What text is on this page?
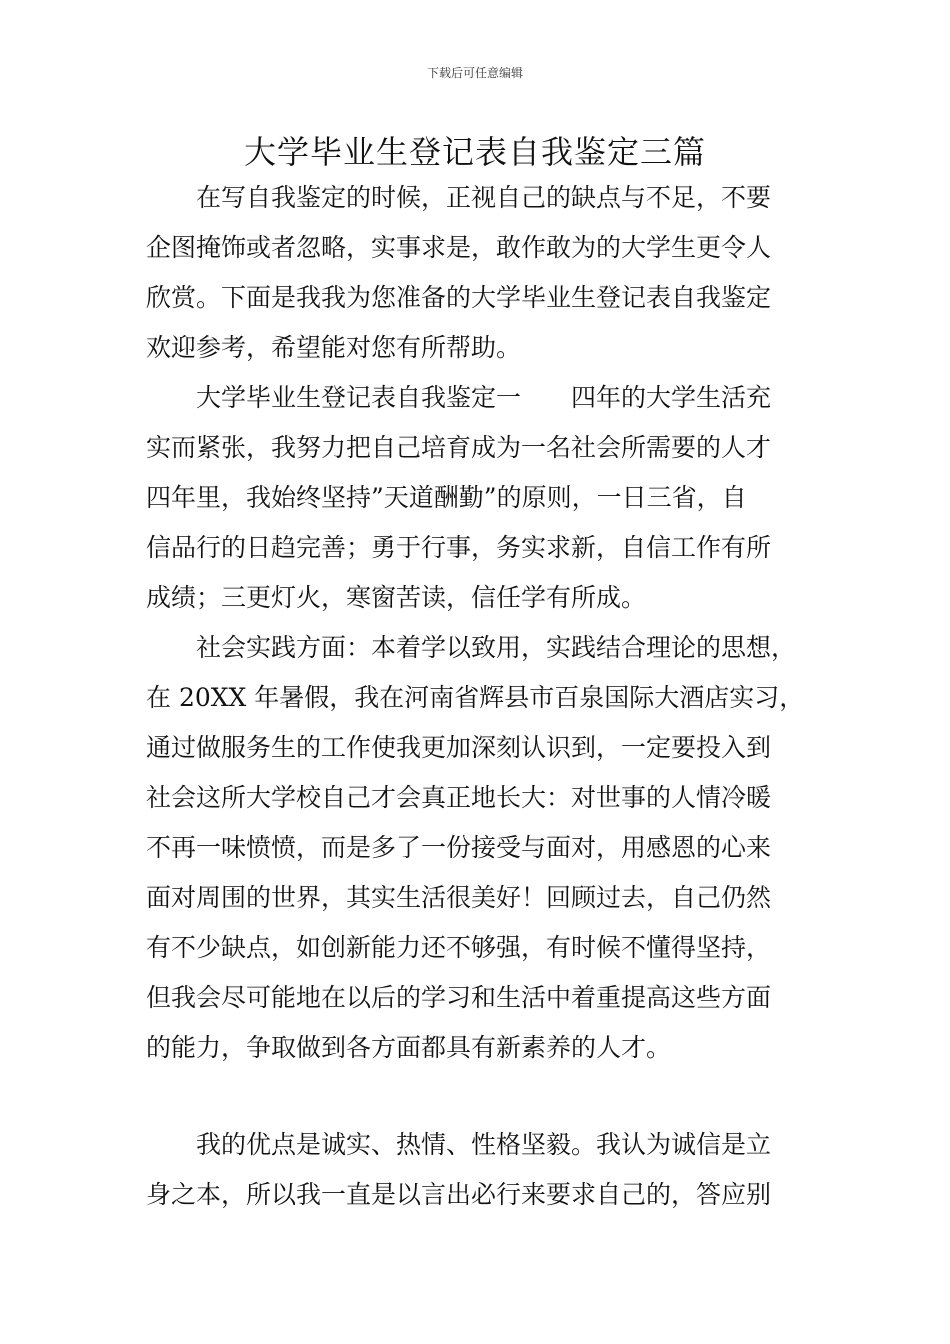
下载后可任意编辑
大学毕业生登记表自我鉴定三篇
　　在写自我鉴定的时候，正视自己的缺点与不足，不要
企图掩饰或者忽略，实事求是，敢作敢为的大学生更令人
欣赏。下面是我我为您准备的大学毕业生登记表自我鉴定
欢迎参考，希望能对您有所帮助。
　　大学毕业生登记表自我鉴定一　　四年的大学生活充
实而紧张，我努力把自己培育成为一名社会所需要的人才
四年里，我始终坚持”天道酬勤”的原则，一日三省，自
信品行的日趋完善；勇于行事，务实求新，自信工作有所
成绩；三更灯火，寒窗苦读，信任学有所成。
　　社会实践方面：本着学以致用，实践结合理论的思想，
在 20XX 年暑假，我在河南省辉县市百泉国际大酒店实习，
通过做服务生的工作使我更加深刻认识到，一定要投入到
社会这所大学校自己才会真正地长大：对世事的人情冷暖
不再一味愤愤，而是多了一份接受与面对，用感恩的心来
面对周围的世界，其实生活很美好！回顾过去，自己仍然
有不少缺点，如创新能力还不够强，有时候不懂得坚持，
但我会尽可能地在以后的学习和生活中着重提高这些方面
的能力，争取做到各方面都具有新素养的人才。
　　我的优点是诚实、热情、性格坚毅。我认为诚信是立
身之本，所以我一直是以言出必行来要求自己的，答应别
